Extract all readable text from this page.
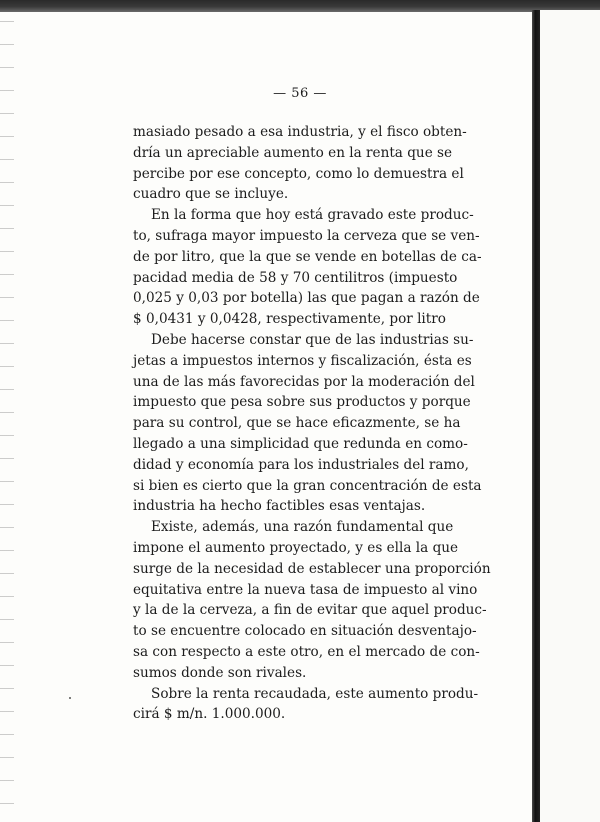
— 56 —

masiado pesado a esa industria, y el fisco obten-
dría un apreciable aumento en la renta que se
percibe por ese concepto, como lo demuestra el
cuadro que se incluye.

En la forma que hoy está gravado este produc-
to, sufraga mayor impuesto la cerveza que se ven-
de por litro, que la que se vende en botellas de ca-
pacidad media de 58 y 70 centilitros (impuesto
0,025 y 0,03 por botella) las que pagan a razón de
$ 0,0431 y 0,0428, respectivamente, por litro

Debe hacerse constar que de las industrias su-
jetas a impuestos internos y fiscalización, ésta es
una de las más favorecidas por la moderación del
impuesto que pesa sobre sus productos y porque
para su control, que se hace eficazmente, se ha
llegado a una simplicidad que redunda en como-
didad y economía para los industriales del ramo,
si bien es cierto que la gran concentración de esta
industria ha hecho factibles esas ventajas.

Existe, además, una razón fundamental que
impone el aumento proyectado, y es ella la que
surge de la necesidad de establecer una proporción
equitativa entre la nueva tasa de impuesto al vino
y la de la cerveza, a fin de evitar que aquel produc-
to se encuentre colocado en situación desventajo-
sa con respecto a este otro, en el mercado de con-
sumos donde son rivales.

Sobre la renta recaudada, este aumento produ-
cirá $ m/n. 1.000.000.
